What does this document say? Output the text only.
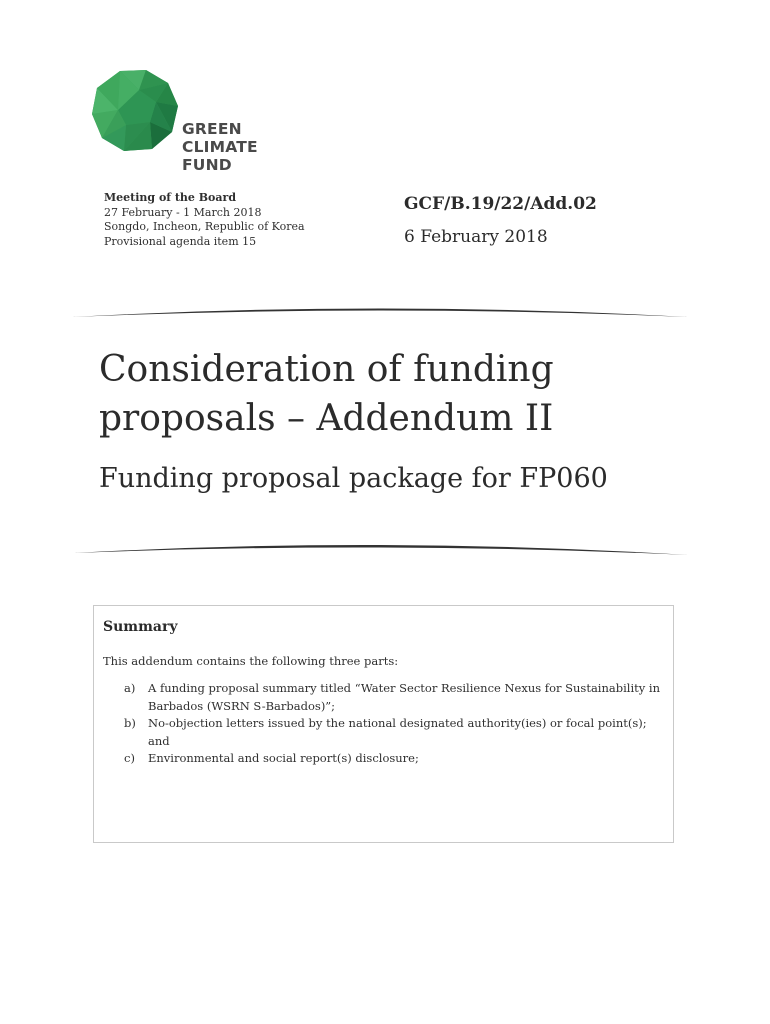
GREEN
CLIMATE
FUND
Meeting of the Board
27 February - 1 March 2018
Songdo, Incheon, Republic of Korea
Provisional agenda item 15
GCF/B.19/22/Add.02
6 February 2018
Consideration of funding
proposals – Addendum II
Funding proposal package for FP060
Summary
This addendum contains the following three parts:
a) A funding proposal summary titled “Water Sector Resilience Nexus for Sustainability in Barbados (WSRN S-Barbados)”;
b) No-objection letters issued by the national designated authority(ies) or focal point(s); and
c) Environmental and social report(s) disclosure;
